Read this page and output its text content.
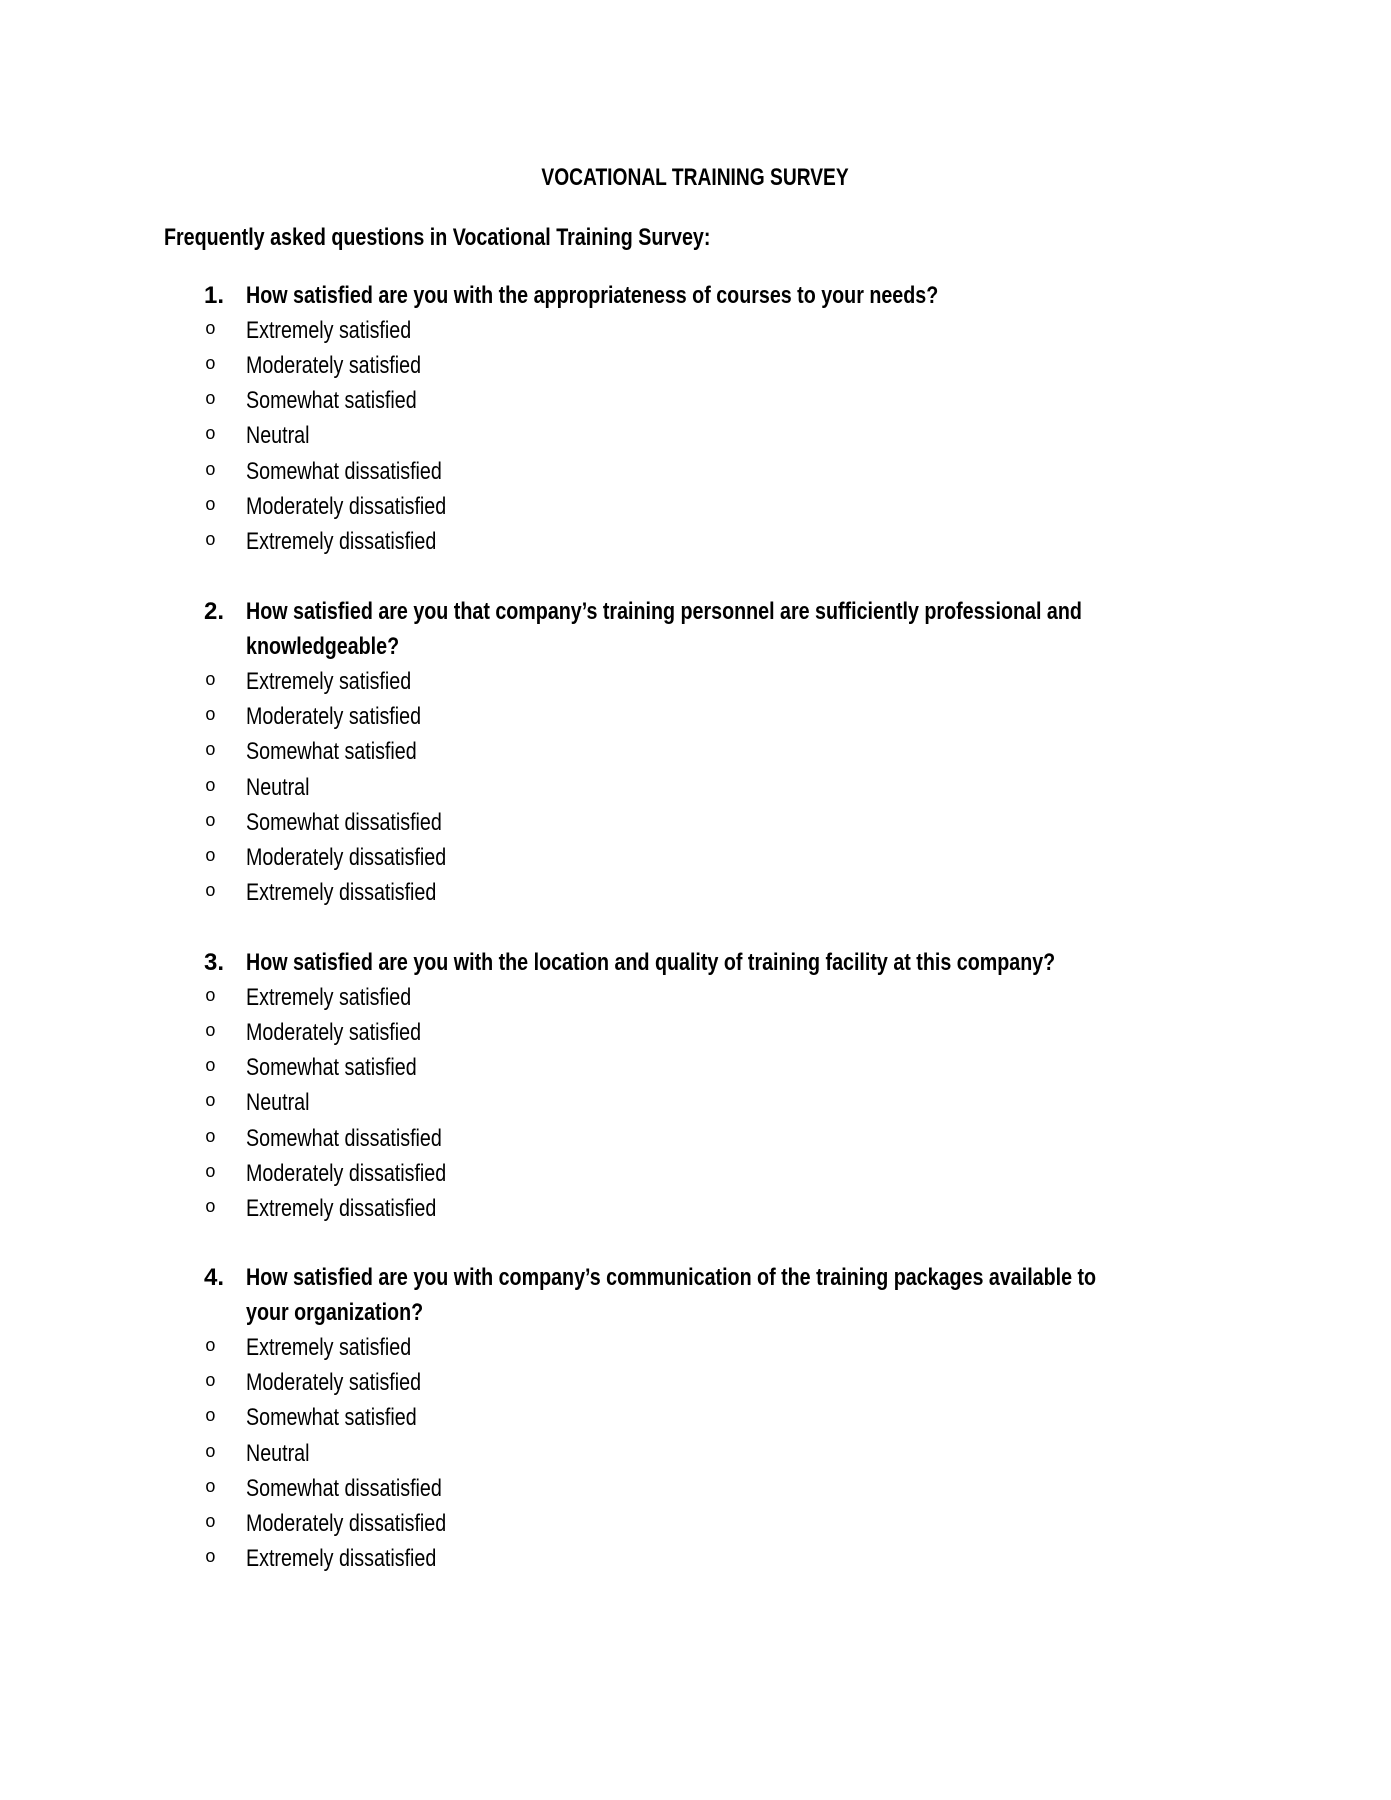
VOCATIONAL TRAINING SURVEY
Frequently asked questions in Vocational Training Survey:
1. How satisfied are you with the appropriateness of courses to your needs?
o Extremely satisfied
o Moderately satisfied
o Somewhat satisfied
o Neutral
o Somewhat dissatisfied
o Moderately dissatisfied
o Extremely dissatisfied
2. How satisfied are you that company’s training personnel are sufficiently professional and
knowledgeable?
o Extremely satisfied
o Moderately satisfied
o Somewhat satisfied
o Neutral
o Somewhat dissatisfied
o Moderately dissatisfied
o Extremely dissatisfied
3. How satisfied are you with the location and quality of training facility at this company?
o Extremely satisfied
o Moderately satisfied
o Somewhat satisfied
o Neutral
o Somewhat dissatisfied
o Moderately dissatisfied
o Extremely dissatisfied
4. How satisfied are you with company’s communication of the training packages available to
your organization?
o Extremely satisfied
o Moderately satisfied
o Somewhat satisfied
o Neutral
o Somewhat dissatisfied
o Moderately dissatisfied
o Extremely dissatisfied
